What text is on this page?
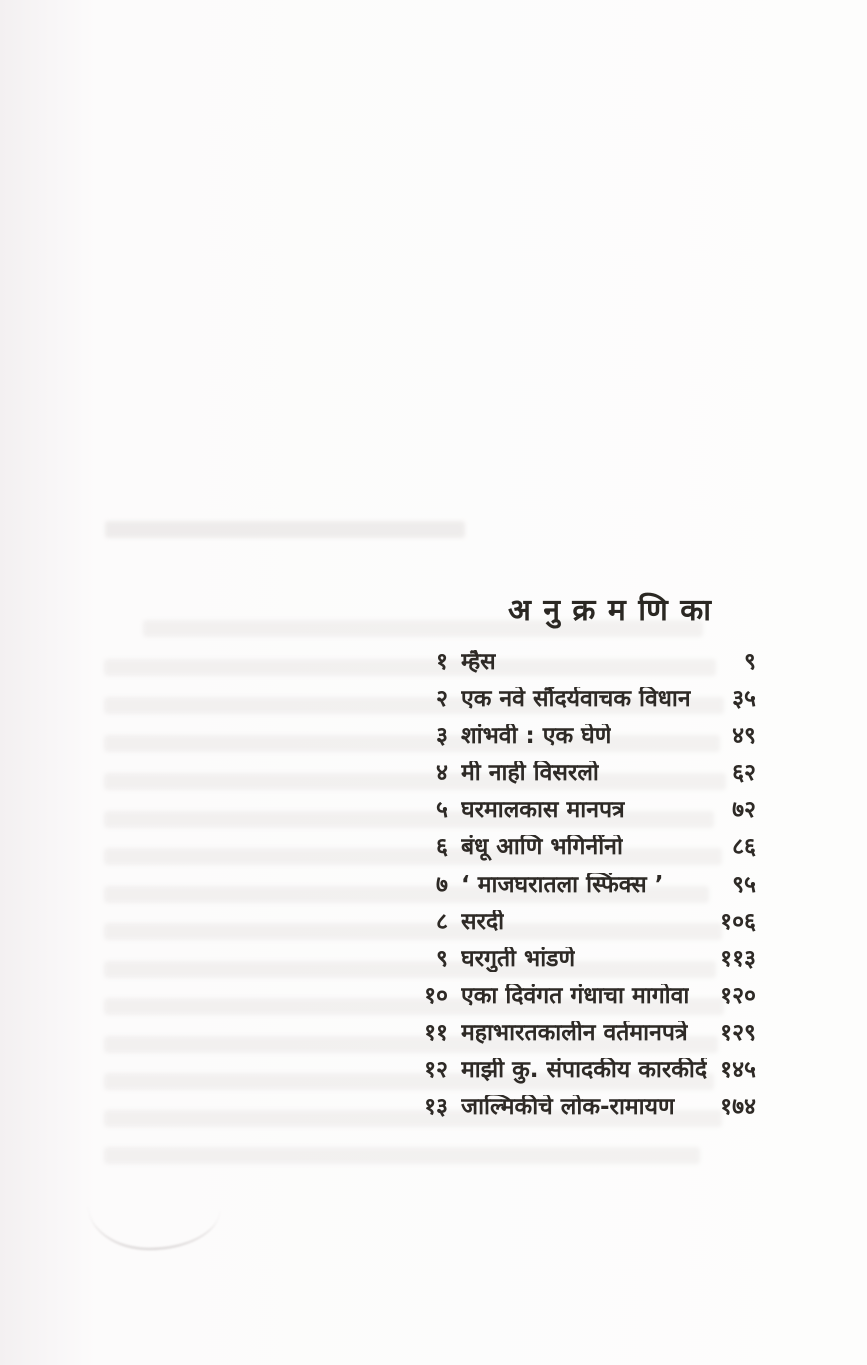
अ नु क्र म णि का
१ म्हैस	९
२ एक नवे सौंदर्यवाचक विधान	३५
३ शांभवी : एक घेणे	४९
४ मी नाही विसरलो	६२
५ घरमालकास मानपत्र	७२
६ बंधू आणि भगिनींनो	८६
७ ‘ माजघरातला स्फिंक्स ’	९५
८ सरदी	१०६
९ घरगुती भांडणे	११३
१० एका दिवंगत गंधाचा मागोवा	१२०
११ महाभारतकालीन वर्तमानपत्रे	१२९
१२ माझी कु. संपादकीय कारकीर्द १४५
१३ जाल्मिकीचे लोक-रामायण	१७४
